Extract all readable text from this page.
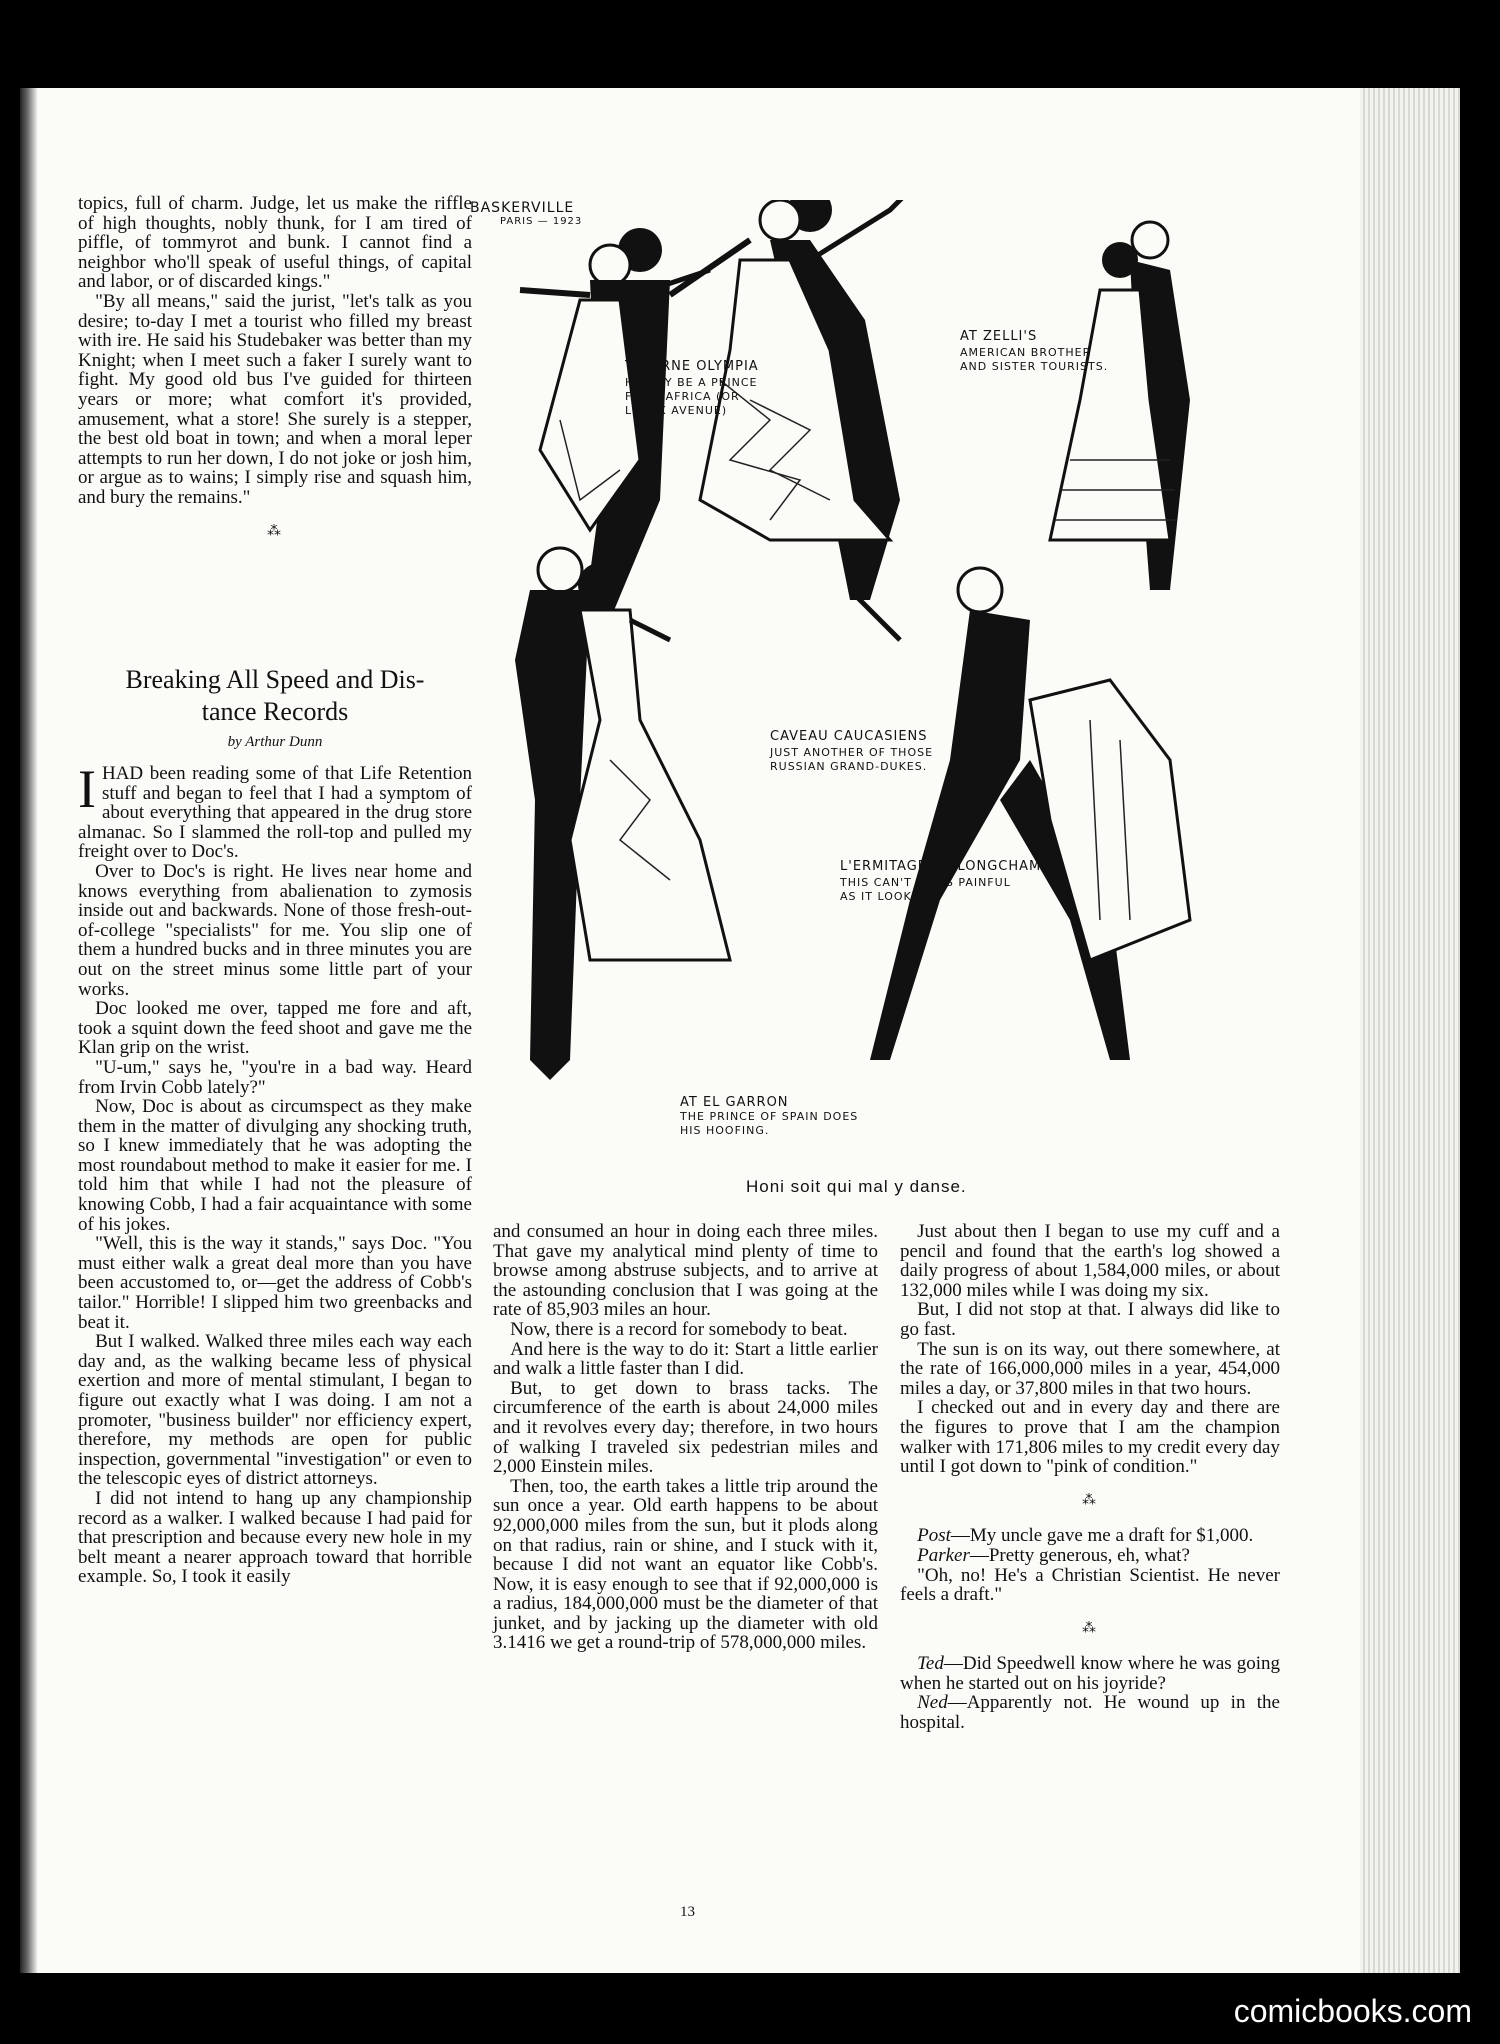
topics, full of charm. Judge, let us make the riffle of high thoughts, nobly thunk, for I am tired of piffle, of tommyrot and bunk. I cannot find a neighbor who'll speak of useful things, of capital and labor, or of discarded kings."

"By all means," said the jurist, "let's talk as you desire; to-day I met a tourist who filled my breast with ire. He said his Studebaker was better than my Knight; when I meet such a faker I surely want to fight. My good old bus I've guided for thirteen years or more; what comfort it's provided, amusement, what a store! She surely is a stepper, the best old boat in town; and when a moral leper attempts to run her down, I do not joke or josh him, or argue as to wains; I simply rise and squash him, and bury the remains."

⁂
Breaking All Speed and Dis-
tance Records
by Arthur Dunn

IHAD been reading some of that Life Retention stuff and began to feel that I had a symptom of about everything that appeared in the drug store almanac. So I slammed the roll-top and pulled my freight over to Doc's.

Over to Doc's is right. He lives near home and knows everything from abalienation to zymosis inside out and backwards. None of those fresh-out-of-college "specialists" for me. You slip one of them a hundred bucks and in three minutes you are out on the street minus some little part of your works.

Doc looked me over, tapped me fore and aft, took a squint down the feed shoot and gave me the Klan grip on the wrist.

"U-um," says he, "you're in a bad way. Heard from Irvin Cobb lately?"

Now, Doc is about as circumspect as they make them in the matter of divulging any shocking truth, so I knew immediately that he was adopting the most roundabout method to make it easier for me. I told him that while I had not the pleasure of knowing Cobb, I had a fair acquaintance with some of his jokes.

"Well, this is the way it stands," says Doc. "You must either walk a great deal more than you have been accustomed to, or—get the address of Cobb's tailor." Horrible! I slipped him two greenbacks and beat it.

But I walked. Walked three miles each way each day and, as the walking became less of physical exertion and more of mental stimulant, I began to figure out exactly what I was doing. I am not a promoter, "business builder" nor efficiency expert, therefore, my methods are open for public inspection, governmental "investigation" or even to the telescopic eyes of district attorneys.

I did not intend to hang up any championship record as a walker. I walked because I had paid for that prescription and because every new hole in my belt meant a nearer approach toward that horrible example. So, I took it easily

and consumed an hour in doing each three miles. That gave my analytical mind plenty of time to browse among abstruse subjects, and to arrive at the astounding conclusion that I was going at the rate of 85,903 miles an hour.

Now, there is a record for somebody to beat.

And here is the way to do it: Start a little earlier and walk a little faster than I did.

But, to get down to brass tacks. The circumference of the earth is about 24,000 miles and it revolves every day; therefore, in two hours of walking I traveled six pedestrian miles and 2,000 Einstein miles.

Then, too, the earth takes a little trip around the sun once a year. Old earth happens to be about 92,000,000 miles from the sun, but it plods along on that radius, rain or shine, and I stuck with it, because I did not want an equator like Cobb's. Now, it is easy enough to see that if 92,000,000 is a radius, 184,000,000 must be the diameter of that junket, and by jacking up the diameter with old 3.1416 we get a round-trip of 578,000,000 miles.

Just about then I began to use my cuff and a pencil and found that the earth's log showed a daily progress of about 1,584,000 miles, or about 132,000 miles while I was doing my six.

But, I did not stop at that. I always did like to go fast.

The sun is on its way, out there somewhere, at the rate of 166,000,000 miles in a year, 454,000 miles a day, or 37,800 miles in that two hours.

I checked out and in every day and there are the figures to prove that I am the champion walker with 171,806 miles to my credit every day until I got down to "pink of condition."

⁂

Post—My uncle gave me a draft for $1,000.

Parker—Pretty generous, eh, what?

"Oh, no! He's a Christian Scientist. He never feels a draft."

⁂

Ted—Did Speedwell know where he was going when he started out on his joyride?

Ned—Apparently not. He wound up in the hospital.

TAVERNE OLYMPIA
HE MAY BE A PRINCE
FROM AFRICA (OR
LENOX AVENUE)
AT ZELLI'S
AMERICAN BROTHER
AND SISTER TOURISTS.
CAVEAU CAUCASIENS
JUST ANOTHER OF THOSE
RUSSIAN GRAND-DUKES.
L'ERMITAGE DE LONGCHAMPS
THIS CAN'T BE AS PAINFUL
AS IT LOOKS
AT EL GARRON
THE PRINCE OF SPAIN DOES
HIS HOOFING.
BASKERVILLE
PARIS — 1923
Honi soit qui mal y danse.
13
comicbooks.com
